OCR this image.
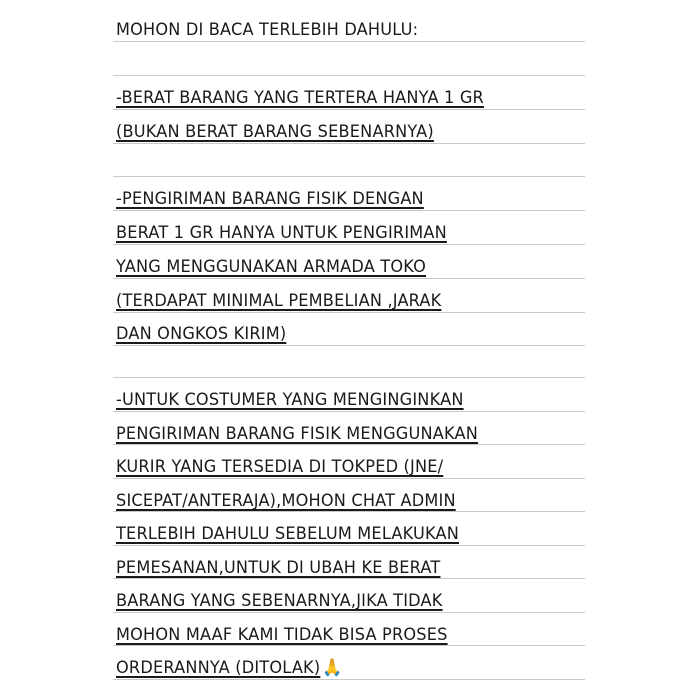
MOHON DI BACA TERLEBIH DAHULU:
-BERAT BARANG YANG TERTERA HANYA 1 GR
(BUKAN BERAT BARANG SEBENARNYA)
-PENGIRIMAN BARANG FISIK DENGAN
BERAT 1 GR HANYA UNTUK PENGIRIMAN
YANG MENGGUNAKAN ARMADA TOKO
(TERDAPAT MINIMAL PEMBELIAN ,JARAK
DAN ONGKOS KIRIM)
-UNTUK COSTUMER YANG MENGINGINKAN
PENGIRIMAN BARANG FISIK MENGGUNAKAN
KURIR YANG TERSEDIA DI TOKPED (JNE/
SICEPAT/ANTERAJA),MOHON CHAT ADMIN
TERLEBIH DAHULU SEBELUM MELAKUKAN
PEMESANAN,UNTUK DI UBAH KE BERAT
BARANG YANG SEBENARNYA,JIKA TIDAK
MOHON MAAF KAMI TIDAK BISA PROSES
ORDERANNYA (DITOLAK) 🙏
